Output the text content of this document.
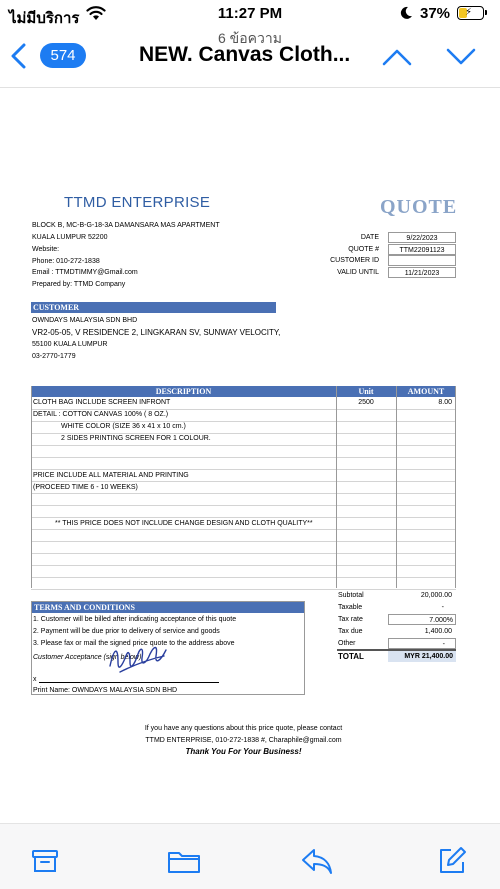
ไม่มีบริการ	11:27 PM	37% ⚡
6 ข้อความ
574	NEW. Canvas Cloth...
TTMD ENTERPRISE	QUOTE
BLOCK B, MC-B-G-18-3A DAMANSARA MAS APARTMENT
KUALA LUMPUR 52200
Website:
Phone: 010-272-1838
Email : TTMDTIMMY@Gmail.com
Prepared by: TTMD Company
DATE	9/22/2023
QUOTE #	TTM22091123
CUSTOMER ID
VALID UNTIL	11/21/2023
CUSTOMER
OWNDAYS MALAYSIA SDN BHD
VR2-05-05, V RESIDENCE 2, LINGKARAN SV, SUNWAY VELOCITY,
55100 KUALA LUMPUR
03-2770-1779
DESCRIPTION	Unit	AMOUNT
CLOTH BAG INCLUDE SCREEN INFRONT	2500	8.00
DETAIL : COTTON CANVAS 100% ( 8 OZ.)
WHITE COLOR (SIZE 36 x 41 x 10 cm.)
2 SIDES PRINTING SCREEN FOR 1 COLOUR.
PRICE INCLUDE ALL MATERIAL AND PRINTING
(PROCEED TIME 6 - 10 WEEKS)
** THIS PRICE DOES NOT INCLUDE CHANGE DESIGN AND CLOTH QUALITY**
Subtotal	20,000.00
Taxable	-
Tax rate	7.000%
Tax due	1,400.00
Other	-
TOTAL	MYR 21,400.00
TERMS AND CONDITIONS
1. Customer will be billed after indicating acceptance of this quote
2. Payment will be due prior to delivery of service and goods
3. Please fax or mail the signed price quote to the address above
Customer Acceptance (sign below)
x
Print Name: OWNDAYS MALAYSIA SDN BHD
If you have any questions about this price quote, please contact
TTMD ENTERPRISE, 010-272-1838 #, Charaphile@gmail.com
Thank You For Your Business!
